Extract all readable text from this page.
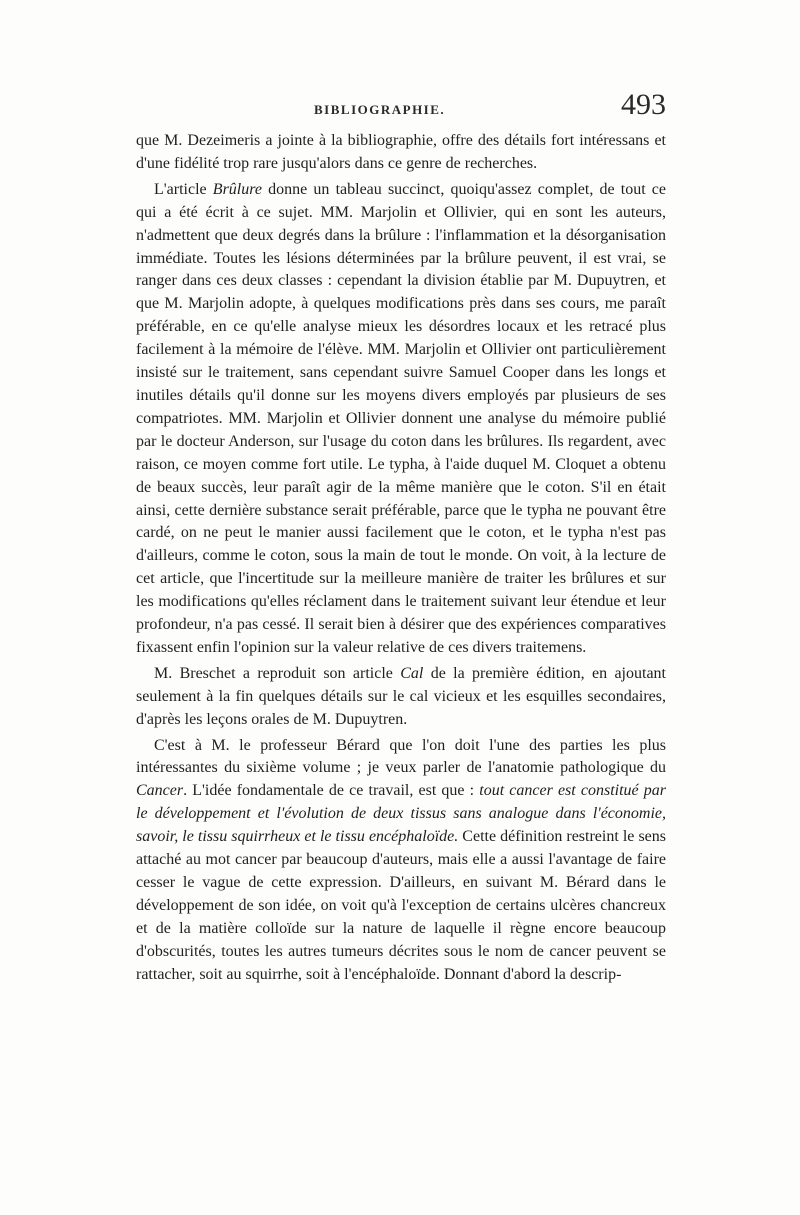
BIBLIOGRAPHIE.	493

que M. Dezeimeris a jointe à la bibliographie, offre des détails fort intéressans et d'une fidélité trop rare jusqu'alors dans ce genre de recherches.

L'article Brûlure donne un tableau succinct, quoiqu'assez complet, de tout ce qui a été écrit à ce sujet. MM. Marjolin et Ollivier, qui en sont les auteurs, n'admettent que deux degrés dans la brûlure : l'inflammation et la désorganisation immédiate. Toutes les lésions déterminées par la brûlure peuvent, il est vrai, se ranger dans ces deux classes : cependant la division établie par M. Dupuytren, et que M. Marjolin adopte, à quelques modifications près dans ses cours, me paraît préférable, en ce qu'elle analyse mieux les désordres locaux et les retracé plus facilement à la mémoire de l'élève. MM. Marjolin et Ollivier ont particulièrement insisté sur le traitement, sans cependant suivre Samuel Cooper dans les longs et inutiles détails qu'il donne sur les moyens divers employés par plusieurs de ses compatriotes. MM. Marjolin et Ollivier donnent une analyse du mémoire publié par le docteur Anderson, sur l'usage du coton dans les brûlures. Ils regardent, avec raison, ce moyen comme fort utile. Le typha, à l'aide duquel M. Cloquet a obtenu de beaux succès, leur paraît agir de la même manière que le coton. S'il en était ainsi, cette dernière substance serait préférable, parce que le typha ne pouvant être cardé, on ne peut le manier aussi facilement que le coton, et le typha n'est pas d'ailleurs, comme le coton, sous la main de tout le monde. On voit, à la lecture de cet article, que l'incertitude sur la meilleure manière de traiter les brûlures et sur les modifications qu'elles réclament dans le traitement suivant leur étendue et leur profondeur, n'a pas cessé. Il serait bien à désirer que des expériences comparatives fixassent enfin l'opinion sur la valeur relative de ces divers traitemens.

M. Breschet a reproduit son article Cal de la première édition, en ajoutant seulement à la fin quelques détails sur le cal vicieux et les esquilles secondaires, d'après les leçons orales de M. Dupuytren.

C'est à M. le professeur Bérard que l'on doit l'une des parties les plus intéressantes du sixième volume ; je veux parler de l'anatomie pathologique du Cancer. L'idée fondamentale de ce travail, est que : tout cancer est constitué par le développement et l'évolution de deux tissus sans analogue dans l'économie, savoir, le tissu squirrheux et le tissu encéphaloïde. Cette définition restreint le sens attaché au mot cancer par beaucoup d'auteurs, mais elle a aussi l'avantage de faire cesser le vague de cette expression. D'ailleurs, en suivant M. Bérard dans le développement de son idée, on voit qu'à l'exception de certains ulcères chancreux et de la matière colloïde sur la nature de laquelle il règne encore beaucoup d'obscurités, toutes les autres tumeurs décrites sous le nom de cancer peuvent se rattacher, soit au squirrhe, soit à l'encéphaloïde. Donnant d'abord la descrip-
